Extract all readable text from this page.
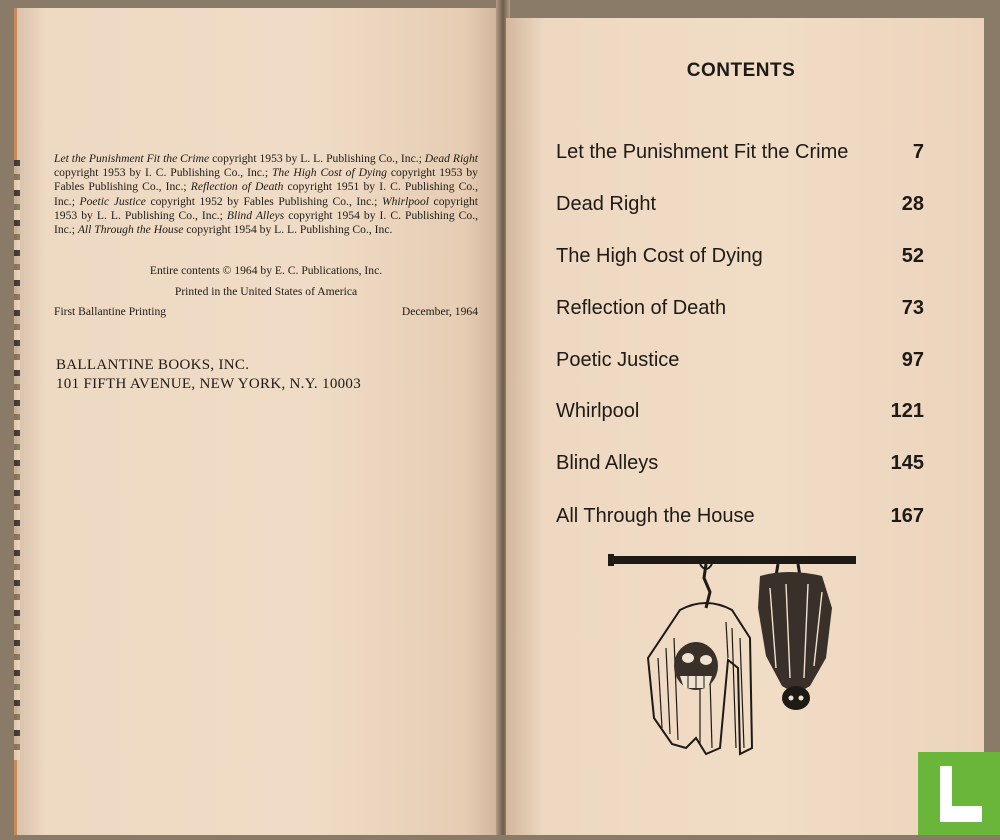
Let the Punishment Fit the Crime copyright 1953 by L. L. Publishing Co., Inc.; Dead Right copyright 1953 by I. C. Publishing Co., Inc.; The High Cost of Dying copyright 1953 by Fables Publishing Co., Inc.; Reflection of Death copyright 1951 by I. C. Publishing Co., Inc.; Poetic Justice copyright 1952 by Fables Publishing Co., Inc.; Whirlpool copyright 1953 by L. L. Publishing Co., Inc.; Blind Alleys copyright 1954 by I. C. Publishing Co., Inc.; All Through the House copyright 1954 by L. L. Publishing Co., Inc.
Entire contents © 1964 by E. C. Publications, Inc.
Printed in the United States of America
First Ballantine Printing	December, 1964
BALLANTINE BOOKS, INC.
101 FIFTH AVENUE, NEW YORK, N.Y. 10003
CONTENTS
Let the Punishment Fit the Crime	7
Dead Right	28
The High Cost of Dying	52
Reflection of Death	73
Poetic Justice	97
Whirlpool	121
Blind Alleys	145
All Through the House	167
